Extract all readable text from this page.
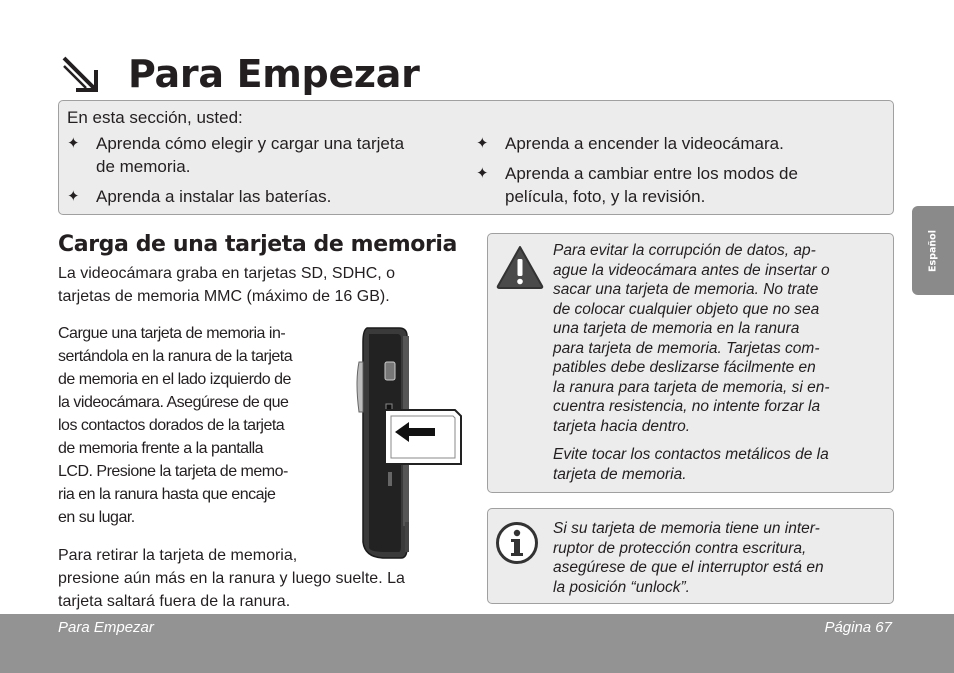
Para Empezar
En esta sección, usted:
✦ Aprenda cómo elegir y cargar una tarjeta
de memoria.
✦ Aprenda a instalar las baterías.
✦ Aprenda a encender la videocámara.
✦ Aprenda a cambiar entre los modos de
película, foto, y la revisión.
Carga de una tarjeta de memoria
La videocámara graba en tarjetas SD, SDHC, o
tarjetas de memoria MMC (máximo de 16 GB).
Cargue una tarjeta de memoria in-
sertándola en la ranura de la tarjeta
de memoria en el lado izquierdo de
la videocámara. Asegúrese de que
los contactos dorados de la tarjeta
de memoria frente a la pantalla
LCD. Presione la tarjeta de memo-
ria en la ranura hasta que encaje
en su lugar.
Para retirar la tarjeta de memoria,
presione aún más en la ranura y luego suelte. La
tarjeta saltará fuera de la ranura.
Para evitar la corrupción de datos, ap-
ague la videocámara antes de insertar o
sacar una tarjeta de memoria. No trate
de colocar cualquier objeto que no sea
una tarjeta de memoria en la ranura
para tarjeta de memoria. Tarjetas com-
patibles debe deslizarse fácilmente en
la ranura para tarjeta de memoria, si en-
cuentra resistencia, no intente forzar la
tarjeta hacia dentro.
Evite tocar los contactos metálicos de la
tarjeta de memoria.
Si su tarjeta de memoria tiene un inter-
ruptor de protección contra escritura,
asegúrese de que el interruptor está en
la posición “unlock”.
Español
Para Empezar	Página 67
